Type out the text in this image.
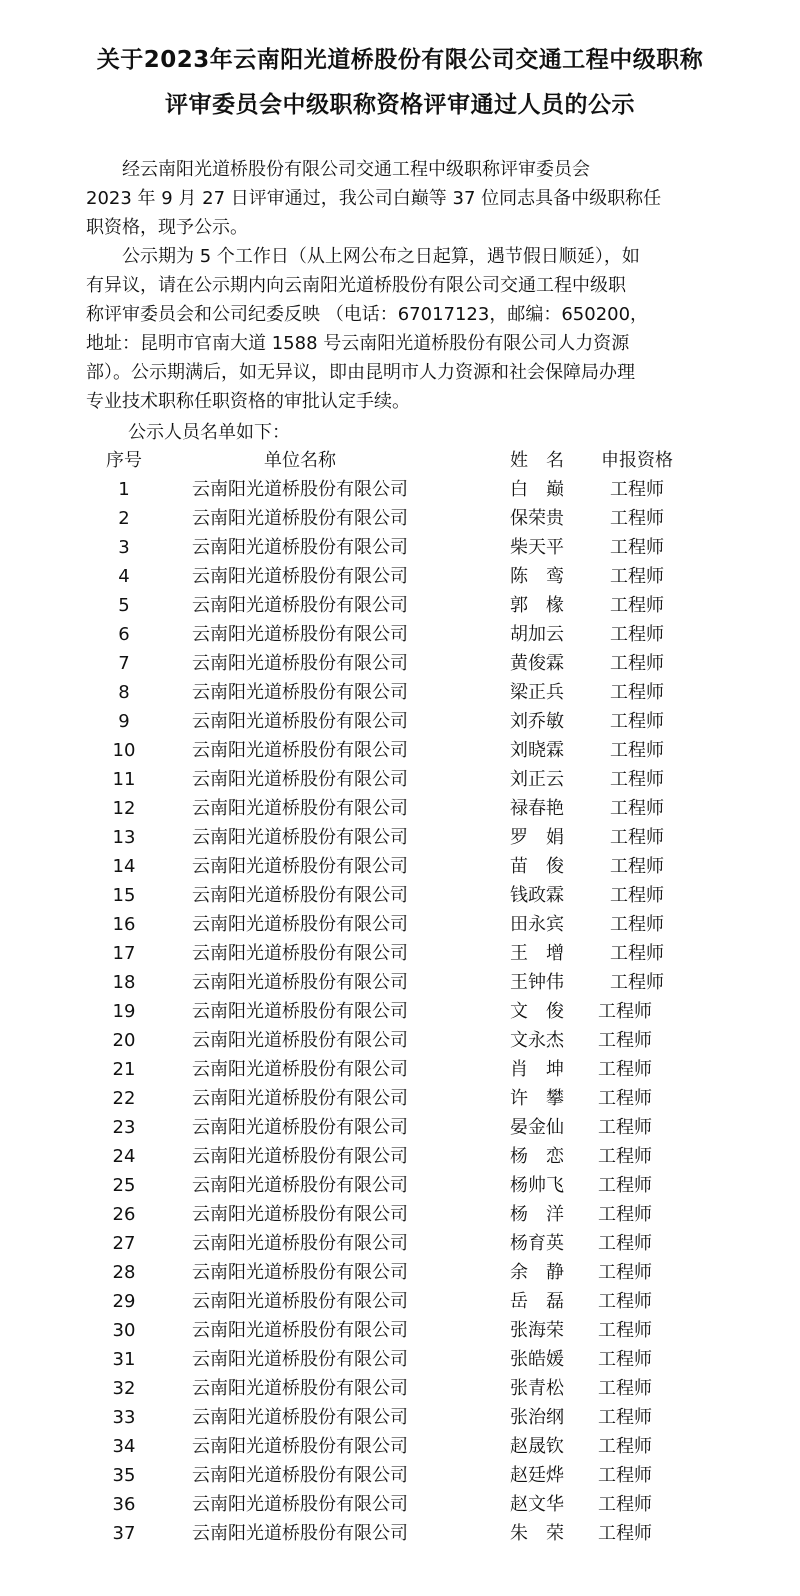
关于2023年云南阳光道桥股份有限公司交通工程中级职称
评审委员会中级职称资格评审通过人员的公示
　　经云南阳光道桥股份有限公司交通工程中级职称评审委员会
2023 年 9 月 27 日评审通过，我公司白巅等 37 位同志具备中级职称任
职资格，现予公示。
　　公示期为 5 个工作日（从上网公布之日起算，遇节假日顺延），如
有异议，请在公示期内向云南阳光道桥股份有限公司交通工程中级职
称评审委员会和公司纪委反映 （电话：67017123，邮编：650200，
地址：昆明市官南大道 1588 号云南阳光道桥股份有限公司人力资源
部）。公示期满后，如无异议，即由昆明市人力资源和社会保障局办理
专业技术职称任职资格的审批认定手续。
公示人员名单如下：
序号	单位名称	姓　名	申报资格
1	云南阳光道桥股份有限公司	白　巅	工程师
2	云南阳光道桥股份有限公司	保荣贵	工程师
3	云南阳光道桥股份有限公司	柴天平	工程师
4	云南阳光道桥股份有限公司	陈　鸾	工程师
5	云南阳光道桥股份有限公司	郭　椽	工程师
6	云南阳光道桥股份有限公司	胡加云	工程师
7	云南阳光道桥股份有限公司	黄俊霖	工程师
8	云南阳光道桥股份有限公司	梁正兵	工程师
9	云南阳光道桥股份有限公司	刘乔敏	工程师
10	云南阳光道桥股份有限公司	刘晓霖	工程师
11	云南阳光道桥股份有限公司	刘正云	工程师
12	云南阳光道桥股份有限公司	禄春艳	工程师
13	云南阳光道桥股份有限公司	罗　娟	工程师
14	云南阳光道桥股份有限公司	苗　俊	工程师
15	云南阳光道桥股份有限公司	钱政霖	工程师
16	云南阳光道桥股份有限公司	田永宾	工程师
17	云南阳光道桥股份有限公司	王　增	工程师
18	云南阳光道桥股份有限公司	王钟伟	工程师
19	云南阳光道桥股份有限公司	文　俊	工程师
20	云南阳光道桥股份有限公司	文永杰	工程师
21	云南阳光道桥股份有限公司	肖　坤	工程师
22	云南阳光道桥股份有限公司	许　攀	工程师
23	云南阳光道桥股份有限公司	晏金仙	工程师
24	云南阳光道桥股份有限公司	杨　恋	工程师
25	云南阳光道桥股份有限公司	杨帅飞	工程师
26	云南阳光道桥股份有限公司	杨　洋	工程师
27	云南阳光道桥股份有限公司	杨育英	工程师
28	云南阳光道桥股份有限公司	余　静	工程师
29	云南阳光道桥股份有限公司	岳　磊	工程师
30	云南阳光道桥股份有限公司	张海荣	工程师
31	云南阳光道桥股份有限公司	张皓媛	工程师
32	云南阳光道桥股份有限公司	张青松	工程师
33	云南阳光道桥股份有限公司	张治纲	工程师
34	云南阳光道桥股份有限公司	赵晟钦	工程师
35	云南阳光道桥股份有限公司	赵廷烨	工程师
36	云南阳光道桥股份有限公司	赵文华	工程师
37	云南阳光道桥股份有限公司	朱　荣	工程师
